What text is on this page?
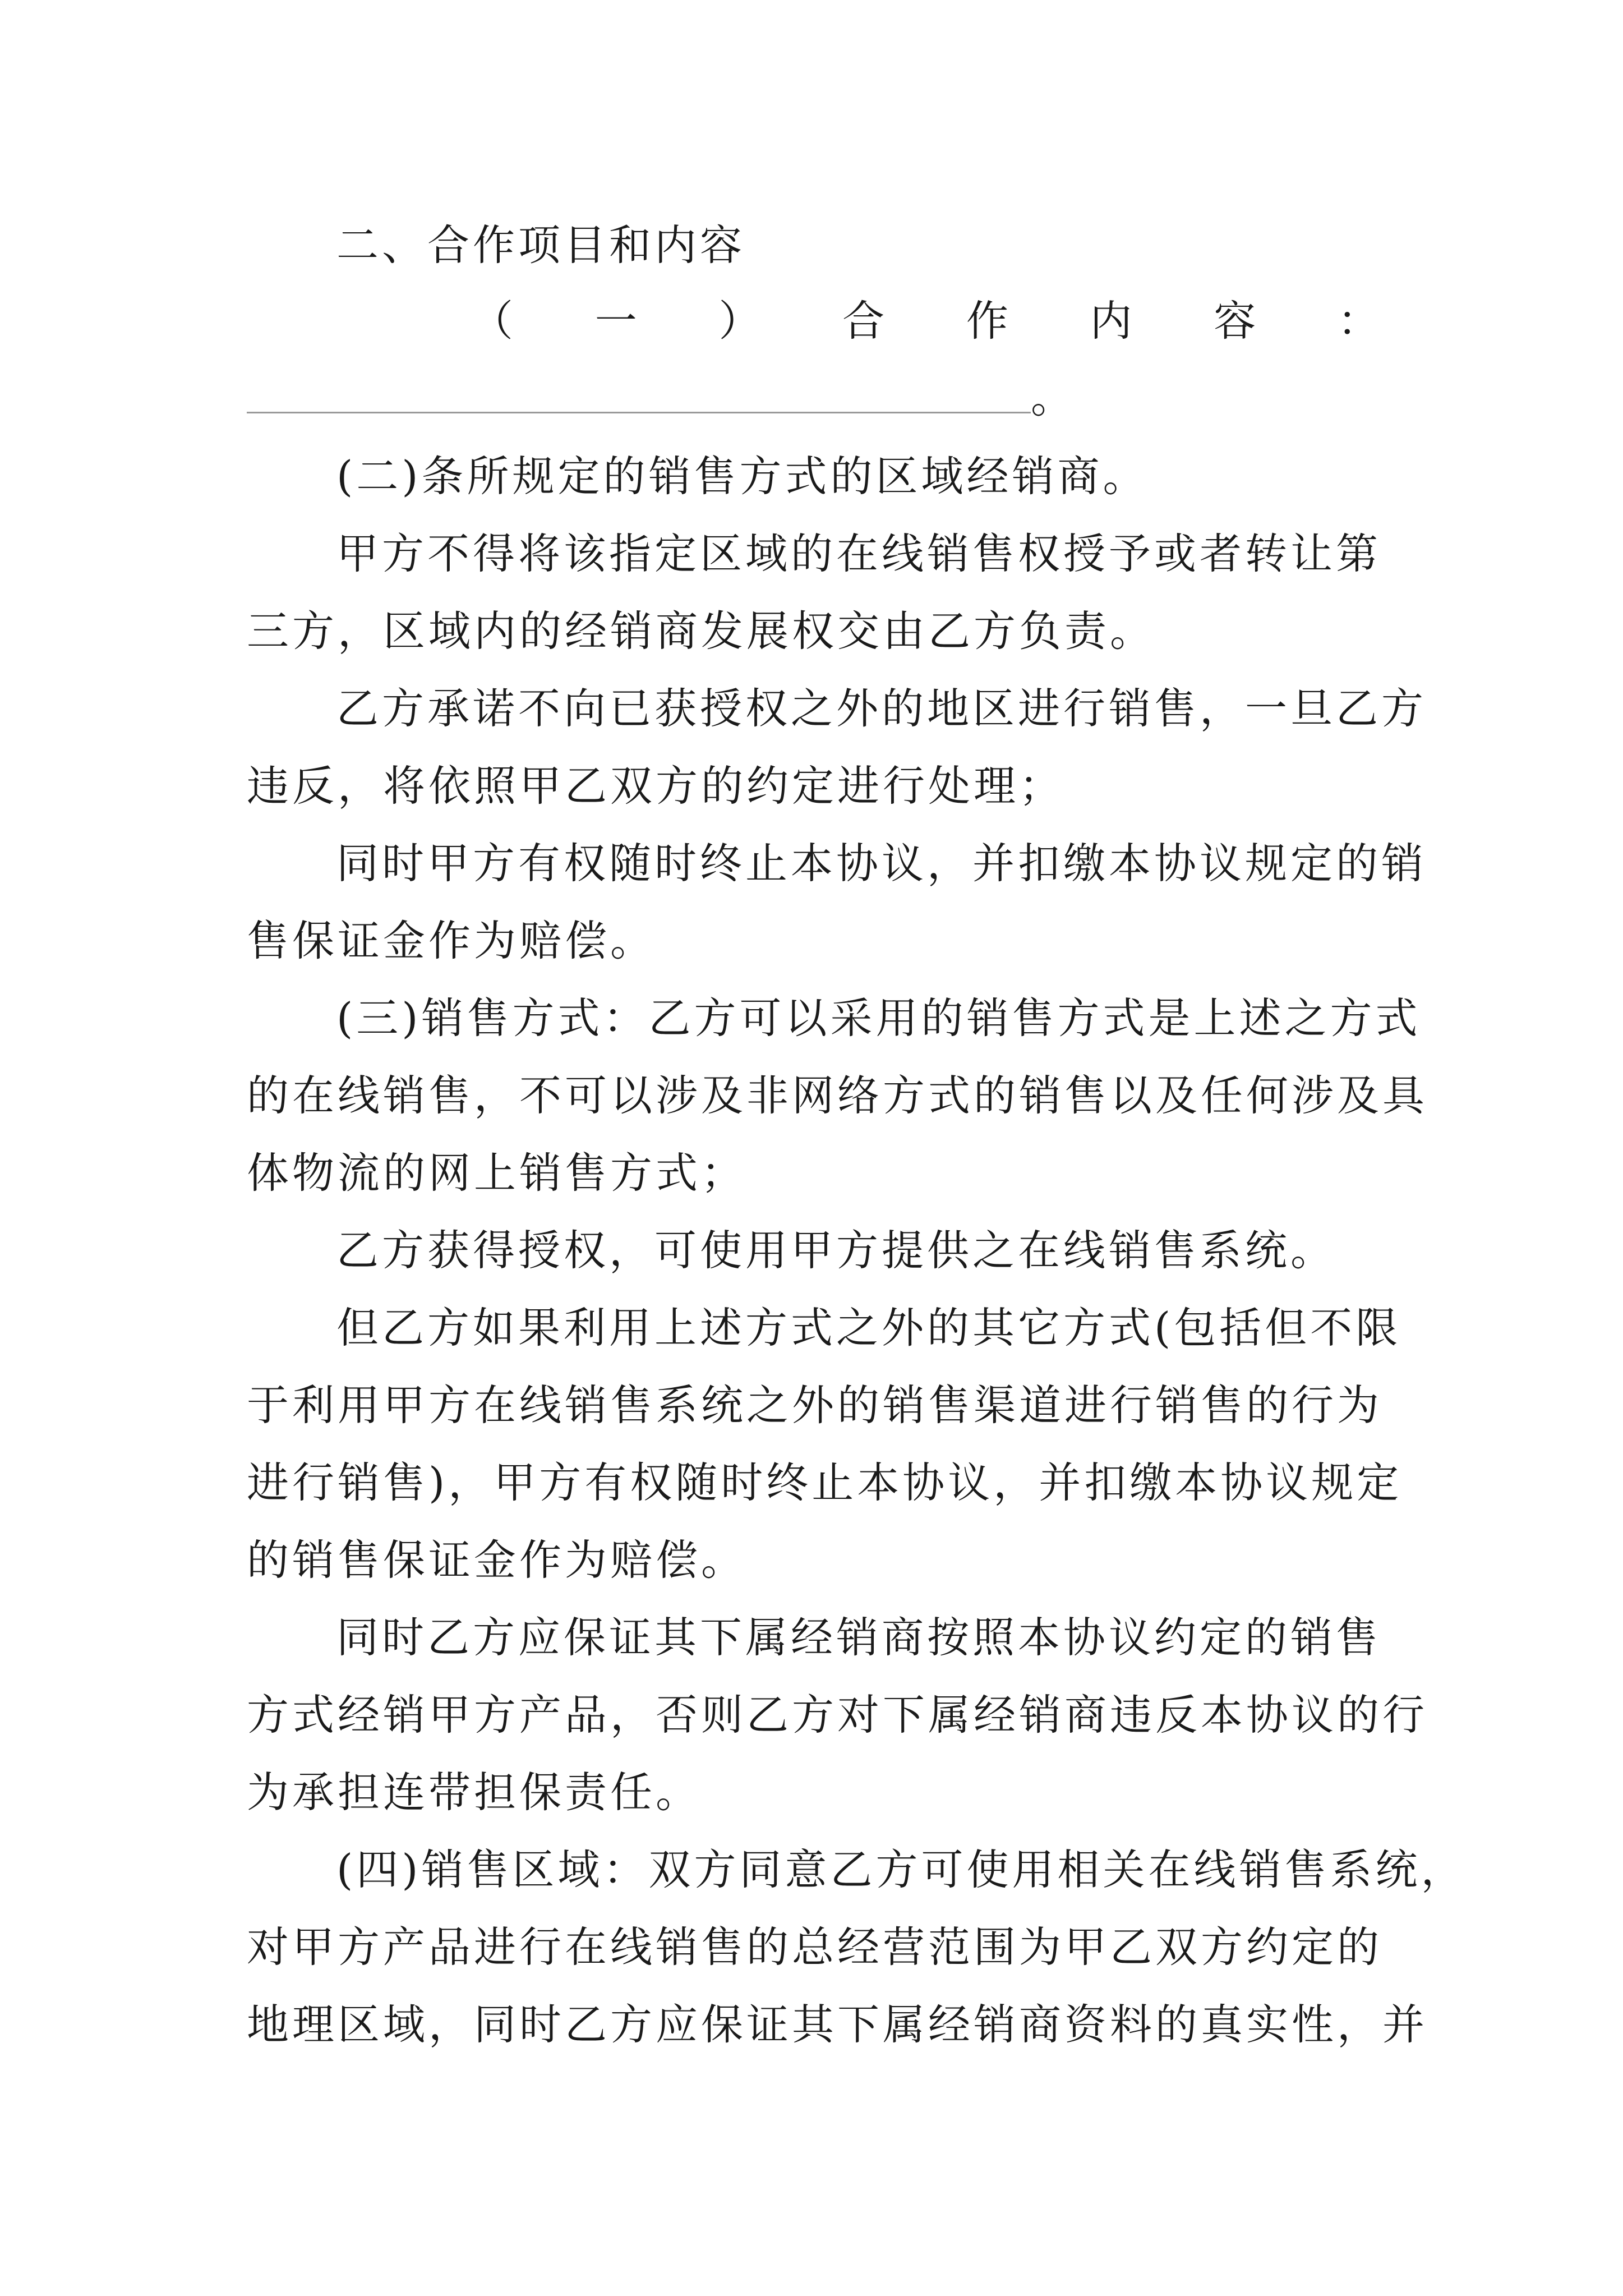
二、合作项目和内容
（ 一 ） 合 作 内 容 ：
。
(二)条所规定的销售方式的区域经销商。
甲方不得将该指定区域的在线销售权授予或者转让第
三方，区域内的经销商发展权交由乙方负责。
乙方承诺不向已获授权之外的地区进行销售，一旦乙方
违反，将依照甲乙双方的约定进行处理；
同时甲方有权随时终止本协议，并扣缴本协议规定的销
售保证金作为赔偿。
(三)销售方式：乙方可以采用的销售方式是上述之方式
的在线销售，不可以涉及非网络方式的销售以及任何涉及具
体物流的网上销售方式；
乙方获得授权，可使用甲方提供之在线销售系统。
但乙方如果利用上述方式之外的其它方式(包括但不限
于利用甲方在线销售系统之外的销售渠道进行销售的行为
进行销售)，甲方有权随时终止本协议，并扣缴本协议规定
的销售保证金作为赔偿。
同时乙方应保证其下属经销商按照本协议约定的销售
方式经销甲方产品，否则乙方对下属经销商违反本协议的行
为承担连带担保责任。
(四)销售区域：双方同意乙方可使用相关在线销售系统，
对甲方产品进行在线销售的总经营范围为甲乙双方约定的
地理区域，同时乙方应保证其下属经销商资料的真实性，并
